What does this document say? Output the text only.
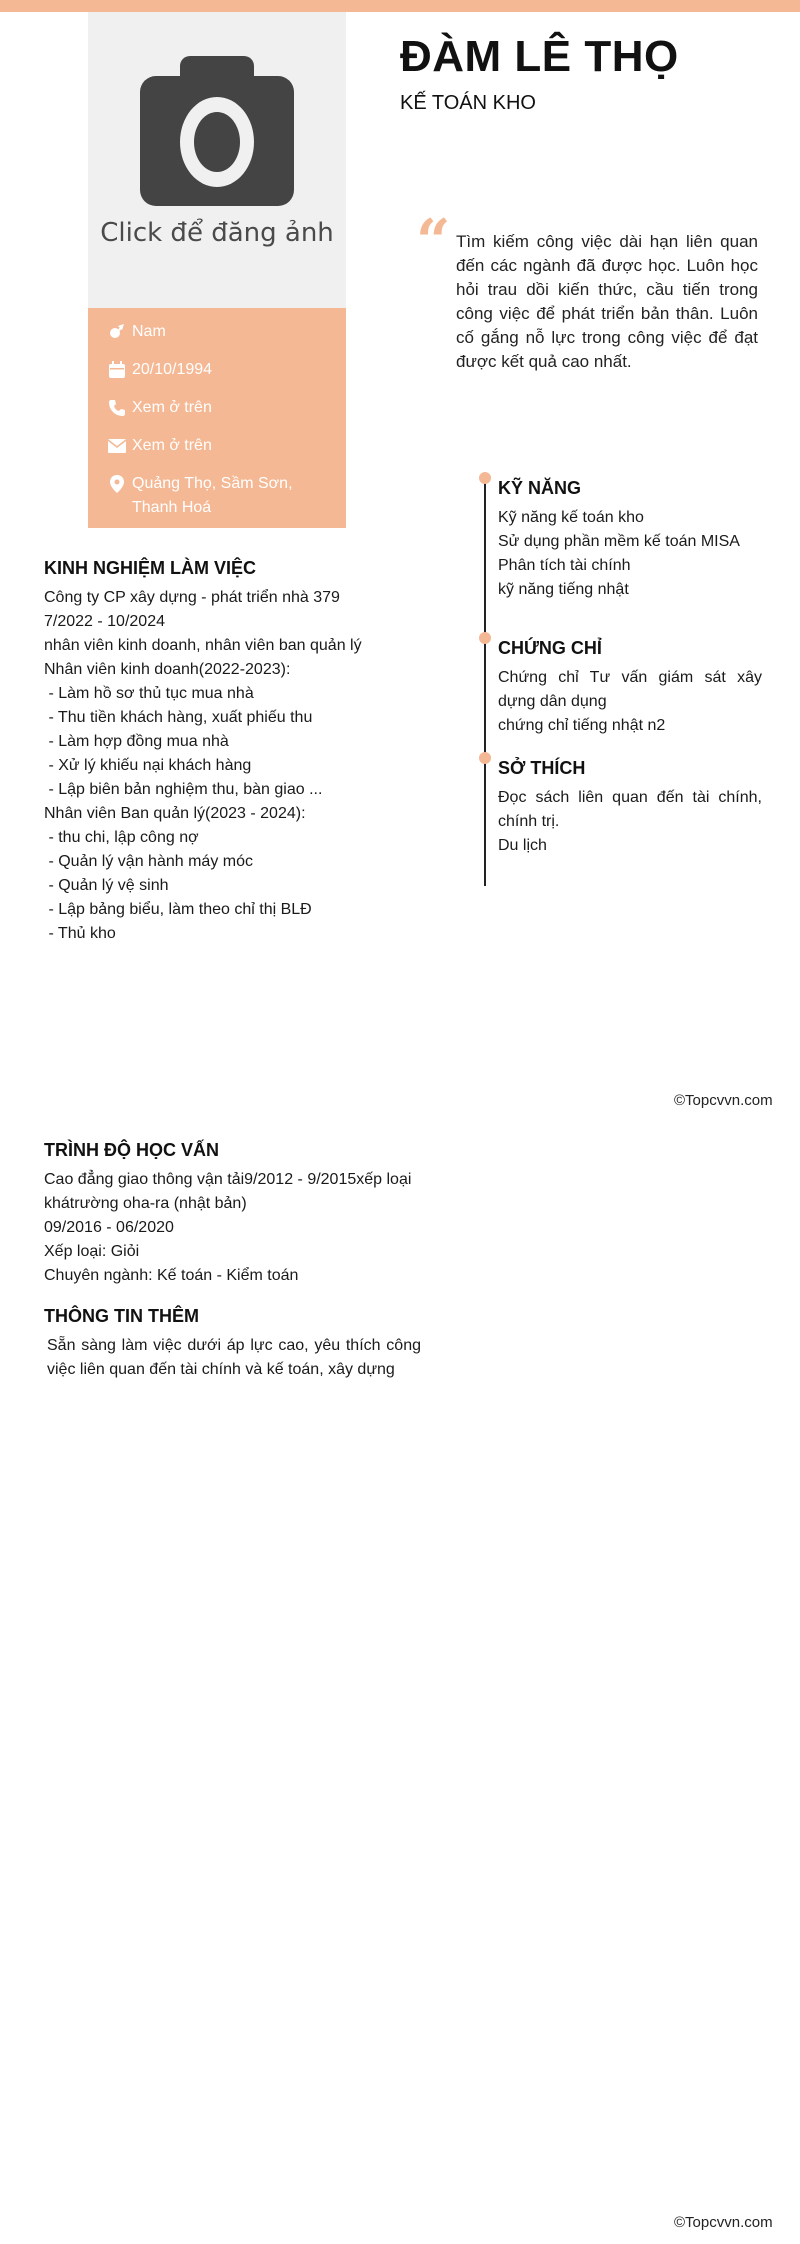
Click để đăng ảnh
Nam
20/10/1994
Xem ở trên
Xem ở trên
Quảng Thọ, Sầm Sơn, Thanh Hoá
ĐÀM LÊ THỌ
KẾ TOÁN KHO
“ Tìm kiếm công việc dài hạn liên quan đến các ngành đã được học. Luôn học hỏi trau dồi kiến thức, cầu tiến trong công việc để phát triển bản thân. Luôn cố gắng nỗ lực trong công việc để đạt được kết quả cao nhất.
KINH NGHIỆM LÀM VIỆC
Công ty CP xây dựng - phát triển nhà 379
7/2022 - 10/2024
nhân viên kinh doanh, nhân viên ban quản lý
Nhân viên kinh doanh(2022-2023):
- Làm hồ sơ thủ tục mua nhà
- Thu tiền khách hàng, xuất phiếu thu
- Làm hợp đồng mua nhà
- Xử lý khiếu nại khách hàng
- Lập biên bản nghiệm thu, bàn giao ...
Nhân viên Ban quản lý(2023 - 2024):
- thu chi, lập công nợ
- Quản lý vận hành máy móc
- Quản lý vệ sinh
- Lập bảng biểu, làm theo chỉ thị BLĐ
- Thủ kho
KỸ NĂNG
Kỹ năng kế toán kho
Sử dụng phần mềm kế toán MISA
Phân tích tài chính
kỹ năng tiếng nhật
CHỨNG CHỈ
Chứng chỉ Tư vấn giám sát xây dựng dân dụng
chứng chỉ tiếng nhật n2
SỞ THÍCH
Đọc sách liên quan đến tài chính, chính trị.
Du lịch
©Topcvvn.com
TRÌNH ĐỘ HỌC VẤN
Cao đẳng giao thông vận tải9/2012 - 9/2015xếp loại
khátrường oha-ra (nhật bản)
09/2016 - 06/2020
Xếp loại: Giỏi
Chuyên ngành: Kế toán - Kiểm toán
THÔNG TIN THÊM
Sẵn sàng làm việc dưới áp lực cao, yêu thích công việc liên quan đến tài chính và kế toán, xây dựng
©Topcvvn.com
